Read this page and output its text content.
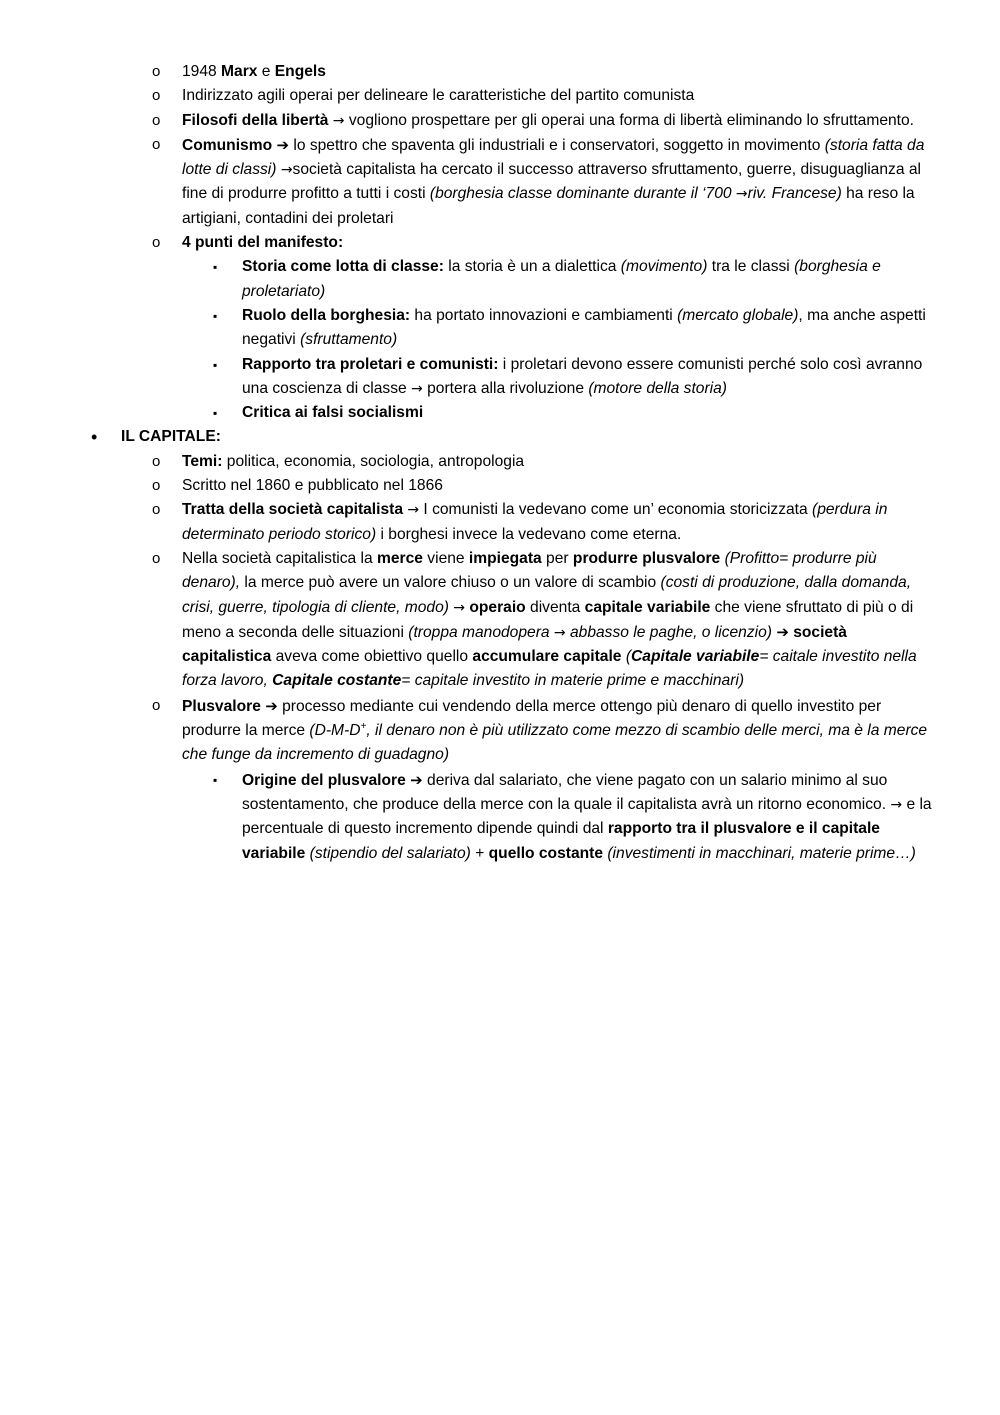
o 1948 Marx e Engels
o Indirizzato agili operai per delineare le caratteristiche del partito comunista
o Filosofi della libertà → vogliono prospettare per gli operai una forma di libertà eliminando lo sfruttamento.
o Comunismo ➔ lo spettro che spaventa gli industriali e i conservatori, soggetto in movimento (storia fatta da lotte di classi) →società capitalista ha cercato il successo attraverso sfruttamento, guerre, disuguaglianza al fine di produrre profitto a tutti i costi (borghesia classe dominante durante il ‘700 →riv. Francese) ha reso la artigiani, contadini dei proletari
o 4 punti del manifesto:
▪ Storia come lotta di classe: la storia è un a dialettica (movimento) tra le classi (borghesia e proletariato)
▪ Ruolo della borghesia: ha portato innovazioni e cambiamenti (mercato globale), ma anche aspetti negativi (sfruttamento)
▪ Rapporto tra proletari e comunisti: i proletari devono essere comunisti perché solo così avranno una coscienza di classe → portera alla rivoluzione (motore della storia)
▪ Critica ai falsi socialismi
• IL CAPITALE:
o Temi: politica, economia, sociologia, antropologia
o Scritto nel 1860 e pubblicato nel 1866
o Tratta della società capitalista → I comunisti la vedevano come un’ economia storicizzata (perdura in determinato periodo storico) i borghesi invece la vedevano come eterna.
o Nella società capitalistica la merce viene impiegata per produrre plusvalore (Profitto= produrre più denaro), la merce può avere un valore chiuso o un valore di scambio (costi di produzione, dalla domanda, crisi, guerre, tipologia di cliente, modo) → operaio diventa capitale variabile che viene sfruttato di più o di meno a seconda delle situazioni (troppa manodopera → abbasso le paghe, o licenzio) ➔ società capitalistica aveva come obiettivo quello accumulare capitale (Capitale variabile= caitale investito nella forza lavoro, Capitale costante= capitale investito in materie prime e macchinari)
o Plusvalore ➔ processo mediante cui vendendo della merce ottengo più denaro di quello investito per produrre la merce (D-M-D+, il denaro non è più utilizzato come mezzo di scambio delle merci, ma è la merce che funge da incremento di guadagno)
▪ Origine del plusvalore ➔ deriva dal salariato, che viene pagato con un salario minimo al suo sostentamento, che produce della merce con la quale il capitalista avrà un ritorno economico. → e la percentuale di questo incremento dipende quindi dal rapporto tra il plusvalore e il capitale variabile (stipendio del salariato) + quello costante (investimenti in macchinari, materie prime…)
